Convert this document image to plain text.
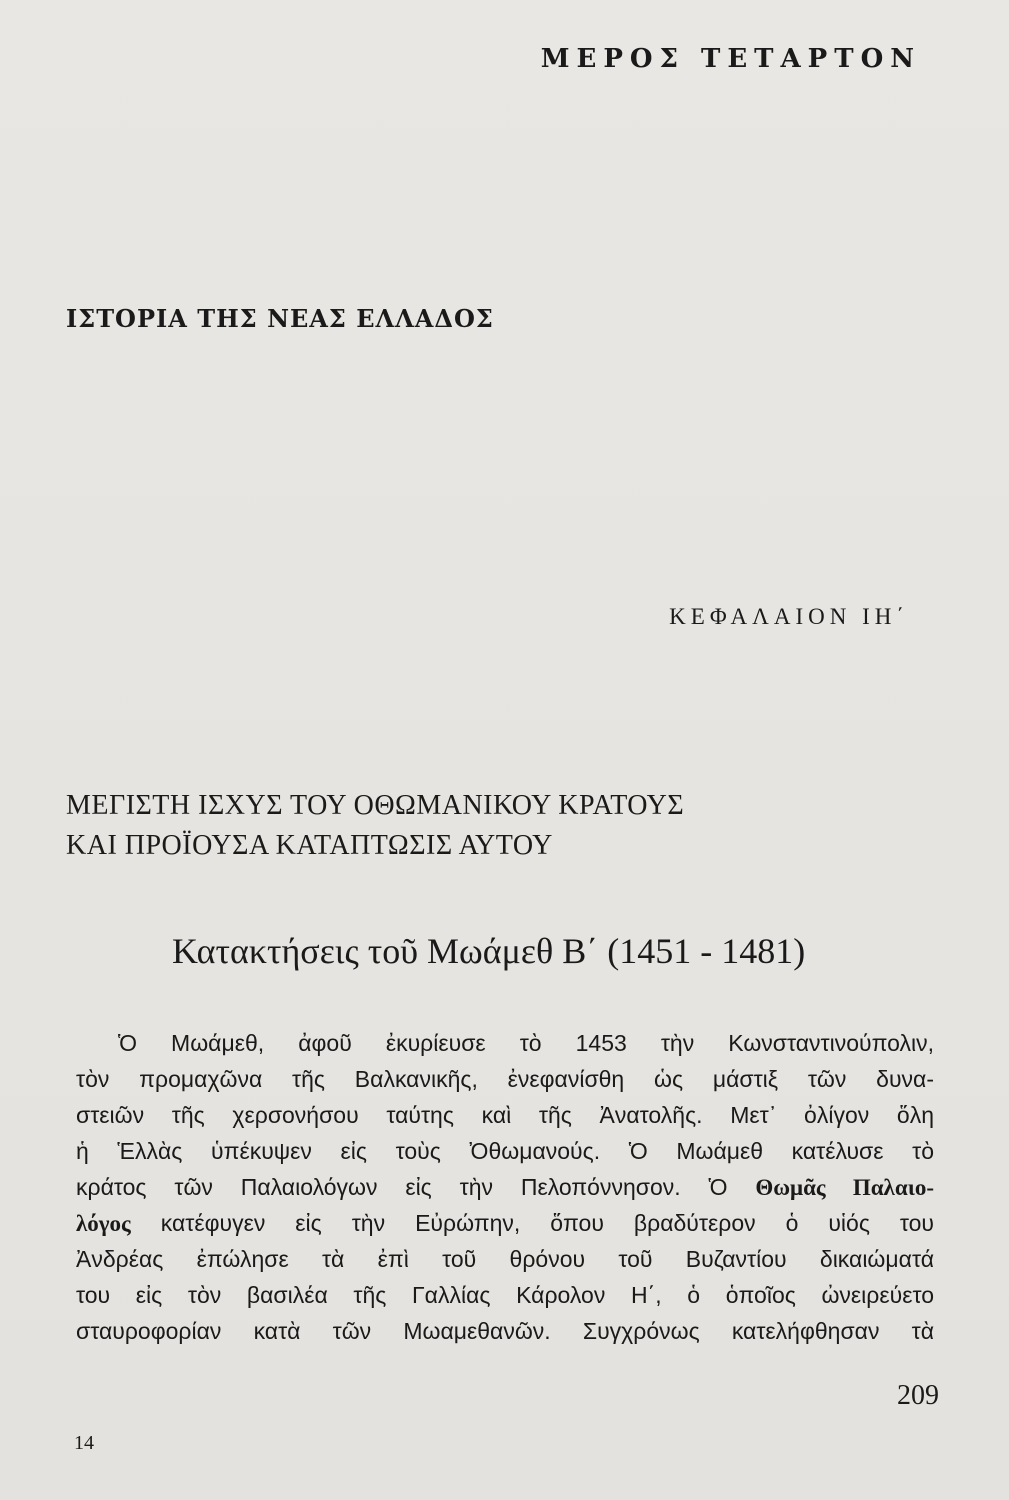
ΜΕΡΟΣ ΤΕΤΑΡΤΟΝ
ΙΣΤΟΡΙΑ ΤΗΣ ΝΕΑΣ ΕΛΛΑΔΟΣ
ΚΕΦΑΛΑΙΟΝ ΙΗ΄
ΜΕΓΙΣΤΗ ΙΣΧΥΣ ΤΟΥ ΟΘΩΜΑΝΙΚΟΥ ΚΡΑΤΟΥΣ
ΚΑΙ ΠΡΟΪΟΥΣΑ ΚΑΤΑΠΤΩΣΙΣ ΑΥΤΟΥ
Κατακτήσεις τοῦ Μωάμεθ Β΄ (1451 - 1481)
Ὁ Μωάμεθ, ἀφοῦ ἐκυρίευσε τὸ 1453 τὴν Κωνσταντινούπολιν,
τὸν προμαχῶνα τῆς Βαλκανικῆς, ἐνεφανίσθη ὡς μάστιξ τῶν δυνα-
στειῶν τῆς χερσονήσου ταύτης καὶ τῆς Ἀνατολῆς. Μετ᾽ ὀλίγον ὅλη
ἡ Ἑλλὰς ὑπέκυψεν εἰς τοὺς Ὀθωμανούς. Ὁ Μωάμεθ κατέλυσε τὸ
κράτος τῶν Παλαιολόγων εἰς τὴν Πελοπόννησον. Ὁ Θωμᾶς Παλαιο-
λόγος κατέφυγεν εἰς τὴν Εὐρώπην, ὅπου βραδύτερον ὁ υἱός του
Ἀνδρέας ἐπώλησε τὰ ἐπὶ τοῦ θρόνου τοῦ Βυζαντίου δικαιώματά
του εἰς τὸν βασιλέα τῆς Γαλλίας Κάρολον Η΄, ὁ ὁποῖος ὠνειρεύετο
σταυροφορίαν κατὰ τῶν Μωαμεθανῶν. Συγχρόνως κατελήφθησαν τὰ
209
14
